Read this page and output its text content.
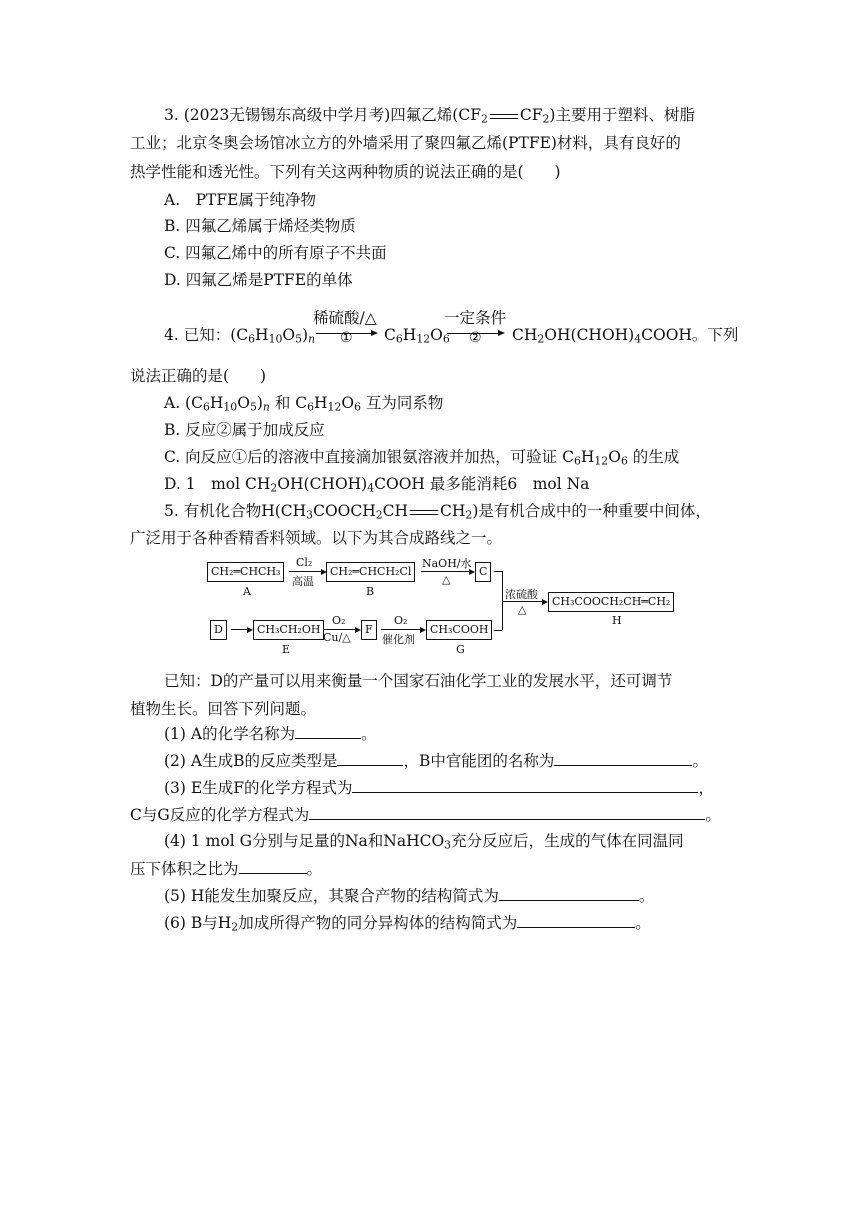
3. (2023无锡锡东高级中学月考)四氟乙烯($CF_2$ $CF_2$)主要用于塑料、树脂
工业；北京冬奥会场馆冰立方的外墙采用了聚四氟乙烯(PTFE)材料，具有良好的
热学性能和透光性。下列有关这两种物质的说法正确的是(　　)
A.　PTFE属于纯净物
B. 四氟乙烯属于烯烃类物质
C. 四氟乙烯中的所有原子不共面
D. 四氟乙烯是PTFE的单体
稀硫酸/△	一定条件
4. 已知：$(C_6H_{10}O_5)_n$ ① $C_6H_{12}O_6$ ② $CH_2OH(CHOH)_4COOH$。下列
说法正确的是(　　)
A. $(C_6H_{10}O_5)_n$ 和 $C_6H_{12}O_6$ 互为同系物
B. 反应②属于加成反应
C. 向反应①后的溶液中直接滴加银氨溶液并加热，可验证 $C_6H_{12}O_6$ 的生成
D. 1　mol $CH_2OH(CHOH)_4COOH$ 最多能消耗6　mol Na
5. 有机化合物$H(CH_3COOCH_2CH$ $CH_2$)是有机合成中的一种重要中间体，
广泛用于各种香精香料领域。以下为其合成路线之一。
CH₂═CHCH₃
A
Cl₂
高温
CH₂═CHCH₂Cl
B
NaOH/水
△
C
浓硫酸
△
CH₃COOCH₂CH═CH₂
H
D	CH₃CH₂OH
E
O₂
Cu/△
F
O₂
催化剂
CH₃COOH
G
已知：D的产量可以用来衡量一个国家石油化学工业的发展水平，还可调节
植物生长。回答下列问题。
(1) A的化学名称为	。
(2) A生成B的反应类型是	，B中官能团的名称为	。
(3) E生成F的化学方程式为	，
C与G反应的化学方程式为	。
(4) 1 mol G分别与足量的Na和NaHCO$_3$充分反应后，生成的气体在同温同
压下体积之比为	。
(5) H能发生加聚反应，其聚合产物的结构简式为	。
(6) B与$H_2$加成所得产物的同分异构体的结构简式为	。
